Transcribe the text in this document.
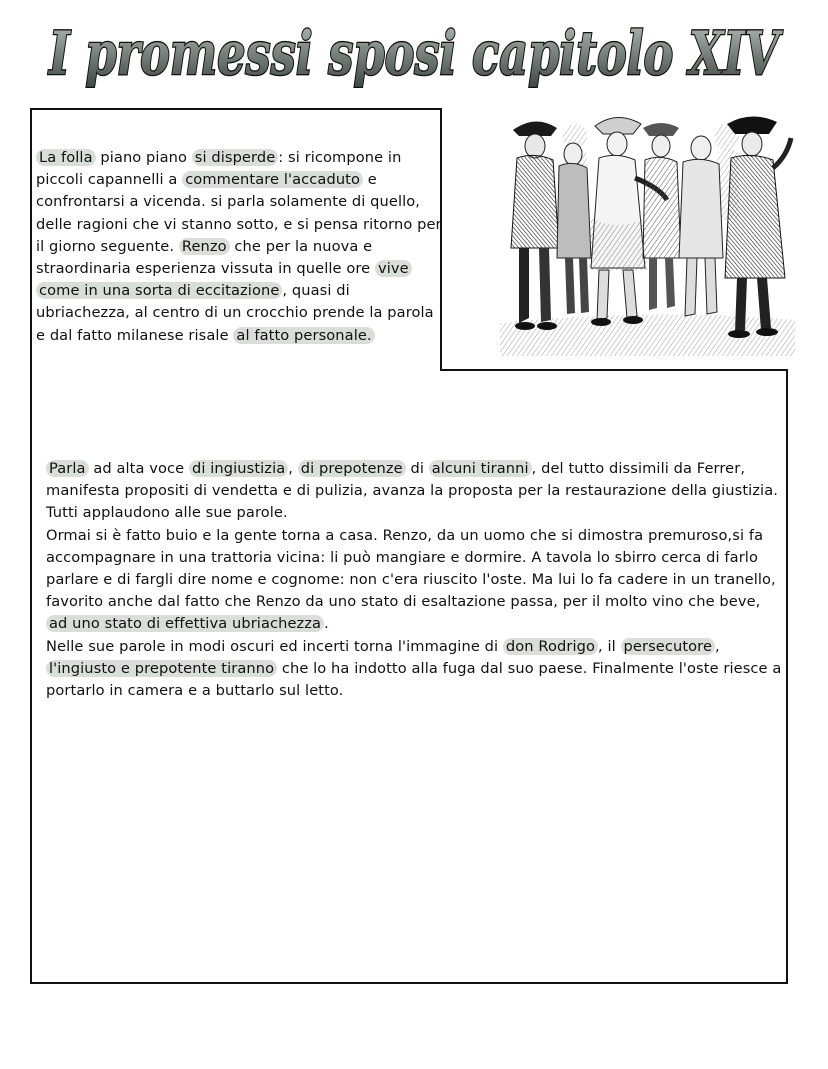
I promessi sposi capitolo XIV

La folla piano piano si disperde : si ricompone in piccoli capannelli a commentare l'accaduto e confrontarsi a vicenda. si parla solamente di quello, delle ragioni che vi stanno sotto, e si pensa ritorno per il giorno seguente. Renzo che per la nuova e straordinaria esperienza vissuta in quelle ore vive come in una sorta di eccitazione , quasi di ubriachezza, al centro di un crocchio prende la parola e dal fatto milanese risale al fatto personale.

Parla ad alta voce di ingiustizia , di prepotenze di alcuni tiranni , del tutto dissimili da Ferrer, manifesta propositi di vendetta e di pulizia, avanza la proposta per la restaurazione della giustizia. Tutti applaudono alle sue parole.
Ormai si è fatto buio e la gente torna a casa. Renzo, da un uomo che si dimostra premuroso,si fa accompagnare in una trattoria vicina: li può mangiare e dormire. A tavola lo sbirro cerca di farlo parlare e di fargli dire nome e cognome: non c'era riuscito l'oste. Ma lui lo fa cadere in un tranello, favorito anche dal fatto che Renzo da uno stato di esaltazione passa, per il molto vino che beve, ad uno stato di effettiva ubriachezza .
Nelle sue parole in modi oscuri ed incerti torna l'immagine di don Rodrigo , il persecutore , l'ingiusto e prepotente tiranno che lo ha indotto alla fuga dal suo paese. Finalmente l'oste riesce a portarlo in camera e a buttarlo sul letto.
